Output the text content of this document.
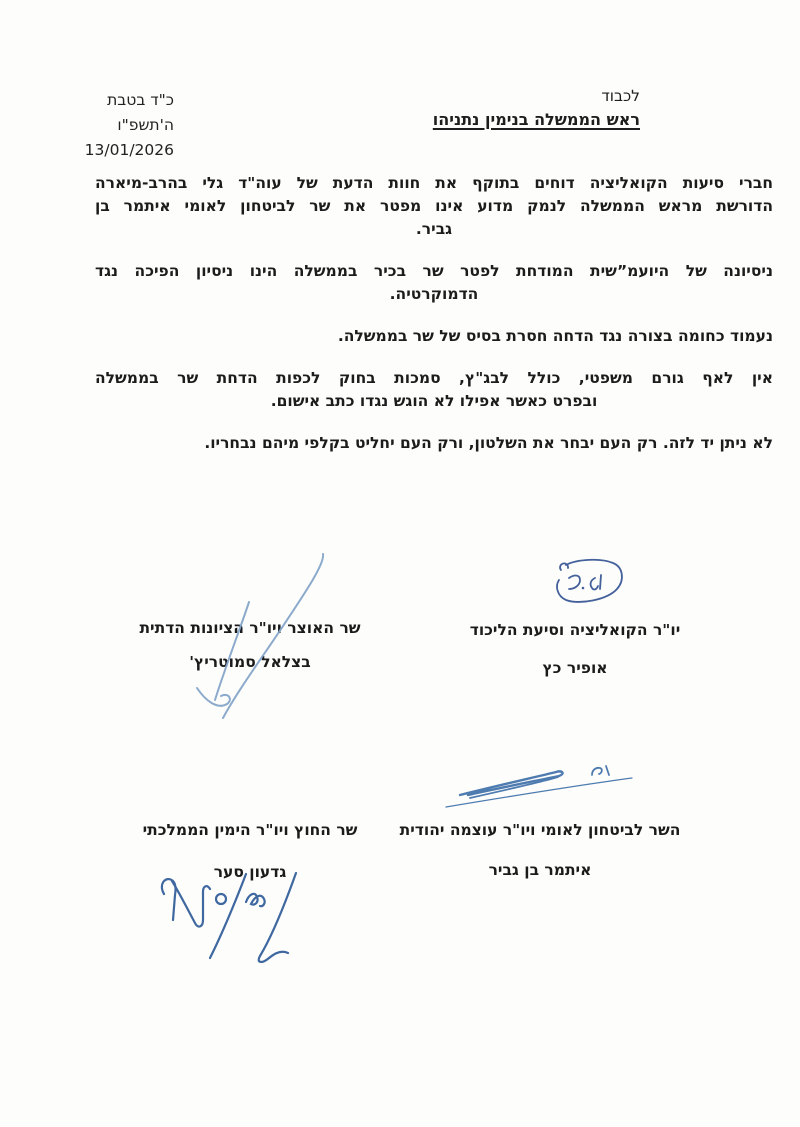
כ"ד בטבת ה'תשפ"ו
13/01/2026
לכבוד
ראש הממשלה בנימין נתניהו
חברי סיעות הקואליציה דוחים בתוקף את חוות הדעת של עוה"ד גלי בהרב-מיארה
הדורשת מראש הממשלה לנמק מדוע אינו מפטר את שר לביטחון לאומי איתמר בן
גביר.
ניסיונה של היועמ”שית המודחת לפטר שר בכיר בממשלה הינו ניסיון הפיכה נגד
הדמוקרטיה.
נעמוד כחומה בצורה נגד הדחה חסרת בסיס של שר בממשלה.
אין לאף גורם משפטי, כולל לבג"ץ, סמכות בחוק לכפות הדחת שר בממשלה
ובפרט כאשר אפילו לא הוגש נגדו כתב אישום.
לא ניתן יד לזה. רק העם יבחר את השלטון, ורק העם יחליט בקלפי מיהם נבחריו.
יו"ר הקואליציה וסיעת הליכוד
אופיר כץ
שר האוצר ויו"ר הציונות הדתית
בצלאל סמוטריץ'
השר לביטחון לאומי ויו"ר עוצמה יהודית
איתמר בן גביר
שר החוץ ויו"ר הימין הממלכתי
גדעון סער
